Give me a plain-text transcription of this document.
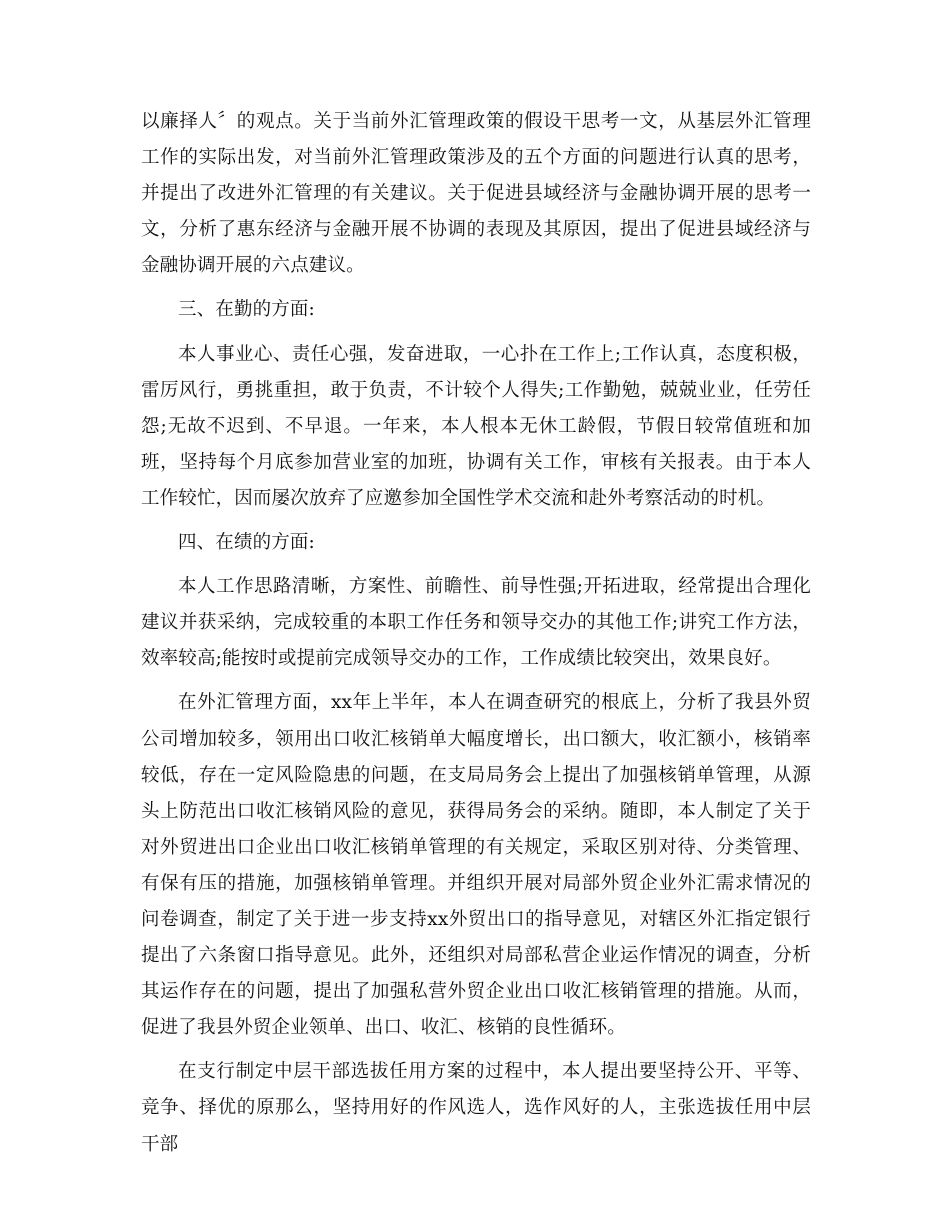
以廉择人〞的观点。关于当前外汇管理政策的假设干思考一文，从基层外汇管理工作的实际出发，对当前外汇管理政策涉及的五个方面的问题进行认真的思考，并提出了改进外汇管理的有关建议。关于促进县域经济与金融协调开展的思考一文，分析了惠东经济与金融开展不协调的表现及其原因，提出了促进县域经济与金融协调开展的六点建议。

三、在勤的方面:

本人事业心、责任心强，发奋进取，一心扑在工作上;工作认真，态度积极，雷厉风行，勇挑重担，敢于负责，不计较个人得失;工作勤勉，兢兢业业，任劳任怨;无故不迟到、不早退。一年来，本人根本无休工龄假，节假日较常值班和加班，坚持每个月底参加营业室的加班，协调有关工作，审核有关报表。由于本人工作较忙，因而屡次放弃了应邀参加全国性学术交流和赴外考察活动的时机。

四、在绩的方面:

本人工作思路清晰，方案性、前瞻性、前导性强;开拓进取，经常提出合理化建议并获采纳，完成较重的本职工作任务和领导交办的其他工作;讲究工作方法，效率较高;能按时或提前完成领导交办的工作，工作成绩比较突出，效果良好。

在外汇管理方面，xx年上半年，本人在调查研究的根底上，分析了我县外贸公司增加较多，领用出口收汇核销单大幅度增长，出口额大，收汇额小，核销率较低，存在一定风险隐患的问题，在支局局务会上提出了加强核销单管理，从源头上防范出口收汇核销风险的意见，获得局务会的采纳。随即，本人制定了关于对外贸进出口企业出口收汇核销单管理的有关规定，采取区别对待、分类管理、有保有压的措施，加强核销单管理。并组织开展对局部外贸企业外汇需求情况的问卷调查，制定了关于进一步支持xx外贸出口的指导意见，对辖区外汇指定银行提出了六条窗口指导意见。此外，还组织对局部私营企业运作情况的调查，分析其运作存在的问题，提出了加强私营外贸企业出口收汇核销管理的措施。从而，促进了我县外贸企业领单、出口、收汇、核销的良性循环。

在支行制定中层干部选拔任用方案的过程中，本人提出要坚持公开、平等、竞争、择优的原那么，坚持用好的作风选人，选作风好的人，主张选拔任用中层干部
